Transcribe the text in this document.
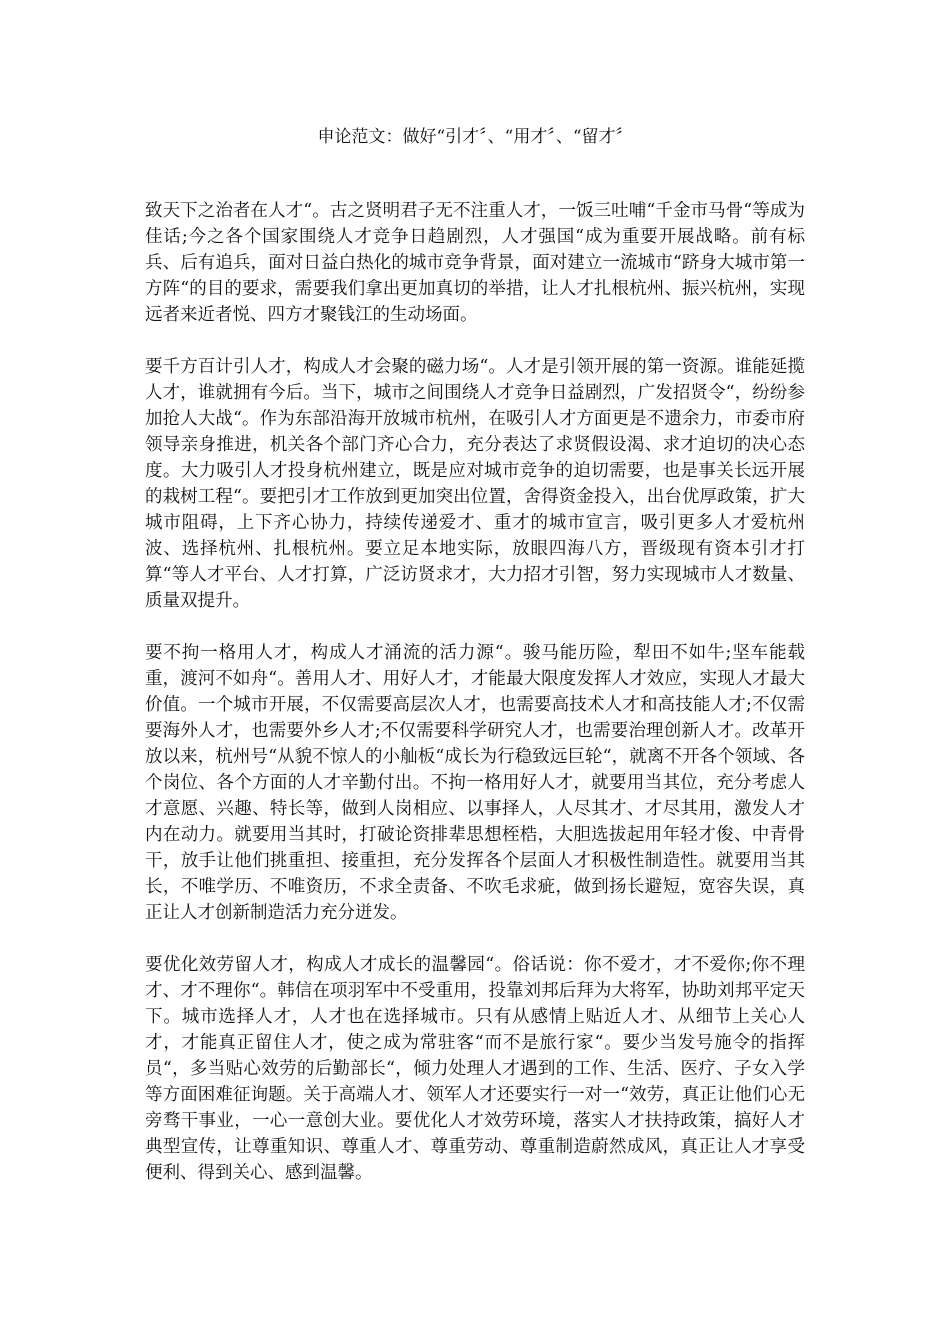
申论范文：做好“引才〞、“用才〞、“留才〞

致天下之治者在人才“。古之贤明君子无不注重人才，一饭三吐哺“千金市马骨“等成为佳话;今之各个国家围绕人才竞争日趋剧烈，人才强国“成为重要开展战略。前有标兵、后有追兵，面对日益白热化的城市竞争背景，面对建立一流城市“跻身大城市第一方阵“的目的要求，需要我们拿出更加真切的举措，让人才扎根杭州、振兴杭州，实现远者来近者悦、四方才聚钱江的生动场面。

要千方百计引人才，构成人才会聚的磁力场“。人才是引领开展的第一资源。谁能延揽人才，谁就拥有今后。当下，城市之间围绕人才竞争日益剧烈，广发招贤令“，纷纷参加抢人大战“。作为东部沿海开放城市杭州，在吸引人才方面更是不遗余力，市委市府领导亲身推进，机关各个部门齐心合力，充分表达了求贤假设渴、求才迫切的决心态度。大力吸引人才投身杭州建立，既是应对城市竞争的迫切需要，也是事关长远开展的栽树工程“。要把引才工作放到更加突出位置，舍得资金投入，出台优厚政策，扩大城市阻碍，上下齐心协力，持续传递爱才、重才的城市宣言，吸引更多人才爱杭州波、选择杭州、扎根杭州。要立足本地实际，放眼四海八方，晋级现有资本引才打算“等人才平台、人才打算，广泛访贤求才，大力招才引智，努力实现城市人才数量、质量双提升。

要不拘一格用人才，构成人才涌流的活力源“。骏马能历险，犁田不如牛;坚车能载重，渡河不如舟“。善用人才、用好人才，才能最大限度发挥人才效应，实现人才最大价值。一个城市开展，不仅需要高层次人才，也需要高技术人才和高技能人才;不仅需要海外人才，也需要外乡人才;不仅需要科学研究人才，也需要治理创新人才。改革开放以来，杭州号“从貌不惊人的小舢板“成长为行稳致远巨轮“，就离不开各个领域、各个岗位、各个方面的人才辛勤付出。不拘一格用好人才，就要用当其位，充分考虑人才意愿、兴趣、特长等，做到人岗相应、以事择人，人尽其才、才尽其用，激发人才内在动力。就要用当其时，打破论资排辈思想桎梏，大胆选拔起用年轻才俊、中青骨干，放手让他们挑重担、接重担，充分发挥各个层面人才积极性制造性。就要用当其长，不唯学历、不唯资历，不求全责备、不吹毛求疵，做到扬长避短，宽容失误，真正让人才创新制造活力充分迸发。

要优化效劳留人才，构成人才成长的温馨园“。俗话说：你不爱才，才不爱你;你不理才、才不理你“。韩信在项羽军中不受重用，投靠刘邦后拜为大将军，协助刘邦平定天下。城市选择人才，人才也在选择城市。只有从感情上贴近人才、从细节上关心人才，才能真正留住人才，使之成为常驻客“而不是旅行家“。要少当发号施令的指挥员“，多当贴心效劳的后勤部长“，倾力处理人才遇到的工作、生活、医疗、子女入学等方面困难征询题。关于高端人才、领军人才还要实行一对一“效劳，真正让他们心无旁骛干事业，一心一意创大业。要优化人才效劳环境，落实人才扶持政策，搞好人才典型宣传，让尊重知识、尊重人才、尊重劳动、尊重制造蔚然成风，真正让人才享受便利、得到关心、感到温馨。
